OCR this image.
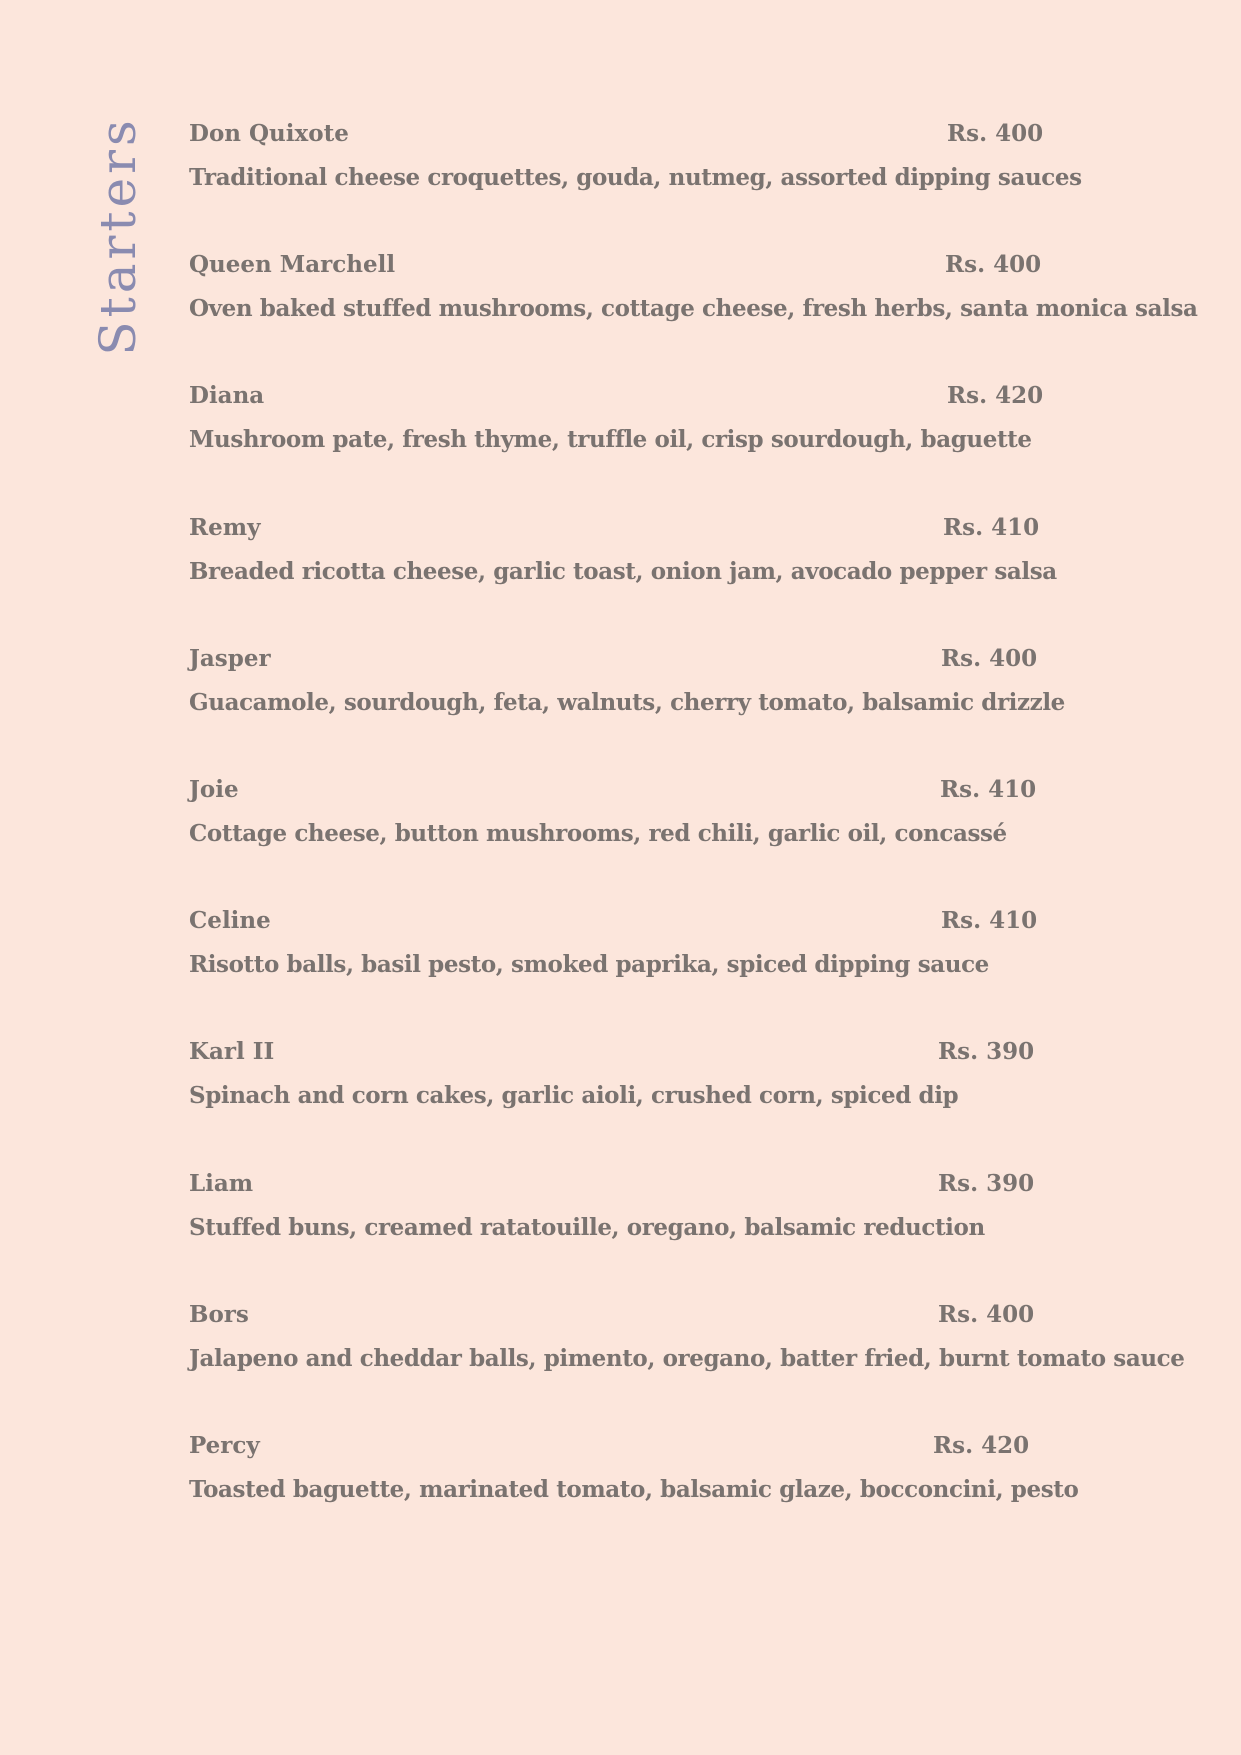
Starters Don Quixote	Rs. 400
Traditional cheese croquettes, gouda, nutmeg, assorted dipping sauces
Queen Marchell	Rs. 400
Oven baked stuffed mushrooms, cottage cheese, fresh herbs, santa monica salsa
Diana	Rs. 420
Mushroom pate, fresh thyme, truffle oil, crisp sourdough, baguette
Remy	Rs. 410
Breaded ricotta cheese, garlic toast, onion jam, avocado pepper salsa
Jasper	Rs. 400
Guacamole, sourdough, feta, walnuts, cherry tomato, balsamic drizzle
Joie	Rs. 410
Cottage cheese, button mushrooms, red chili, garlic oil, concassé
Celine	Rs. 410
Risotto balls, basil pesto, smoked paprika, spiced dipping sauce
Karl II	Rs. 390
Spinach and corn cakes, garlic aioli, crushed corn, spiced dip
Liam	Rs. 390
Stuffed buns, creamed ratatouille, oregano, balsamic reduction
Bors	Rs. 400
Jalapeno and cheddar balls, pimento, oregano, batter fried, burnt tomato sauce
Percy	Rs. 420
Toasted baguette, marinated tomato, balsamic glaze, bocconcini, pesto
